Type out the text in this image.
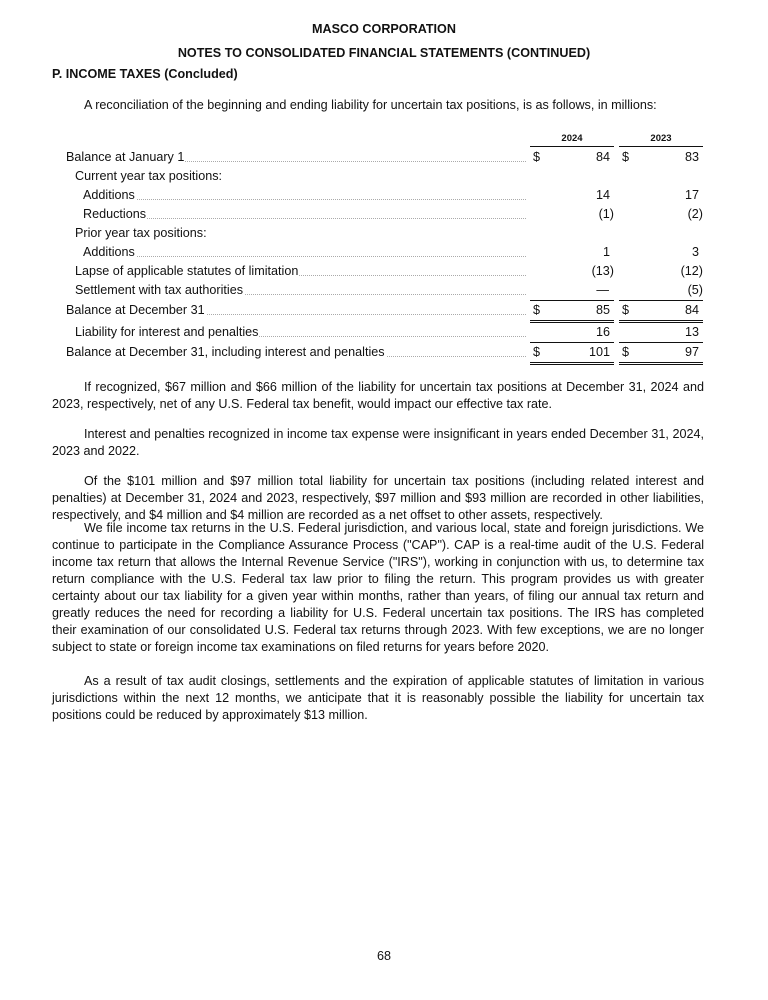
MASCO CORPORATION
NOTES TO CONSOLIDATED FINANCIAL STATEMENTS (CONTINUED)
P. INCOME TAXES (Concluded)
A reconciliation of the beginning and ending liability for uncertain tax positions, is as follows, in millions:
2024	2023
Balance at January 1	$	84 $	83
Current year tax positions:
Additions	14	17
Reductions	(1)	(2)
Prior year tax positions:
Additions	1	3
Lapse of applicable statutes of limitation	(13)	(12)
Settlement with tax authorities	—	(5)
Balance at December 31	$	85 $	84
Liability for interest and penalties	16	13
Balance at December 31, including interest and penalties	$	101 $	97
If recognized, $67 million and $66 million of the liability for uncertain tax positions at December 31, 2024 and 2023, respectively, net of any U.S. Federal tax benefit, would impact our effective tax rate.
Interest and penalties recognized in income tax expense were insignificant in years ended December 31, 2024, 2023 and 2022.
Of the $101 million and $97 million total liability for uncertain tax positions (including related interest and penalties) at December 31, 2024 and 2023, respectively, $97 million and $93 million are recorded in other liabilities, respectively, and $4 million and $4 million are recorded as a net offset to other assets, respectively.
We file income tax returns in the U.S. Federal jurisdiction, and various local, state and foreign jurisdictions. We continue to participate in the Compliance Assurance Process ("CAP"). CAP is a real-time audit of the U.S. Federal income tax return that allows the Internal Revenue Service ("IRS"), working in conjunction with us, to determine tax return compliance with the U.S. Federal tax law prior to filing the return. This program provides us with greater certainty about our tax liability for a given year within months, rather than years, of filing our annual tax return and greatly reduces the need for recording a liability for U.S. Federal uncertain tax positions. The IRS has completed their examination of our consolidated U.S. Federal tax returns through 2023. With few exceptions, we are no longer subject to state or foreign income tax examinations on filed returns for years before 2020.
As a result of tax audit closings, settlements and the expiration of applicable statutes of limitation in various jurisdictions within the next 12 months, we anticipate that it is reasonably possible the liability for uncertain tax positions could be reduced by approximately $13 million.
68
